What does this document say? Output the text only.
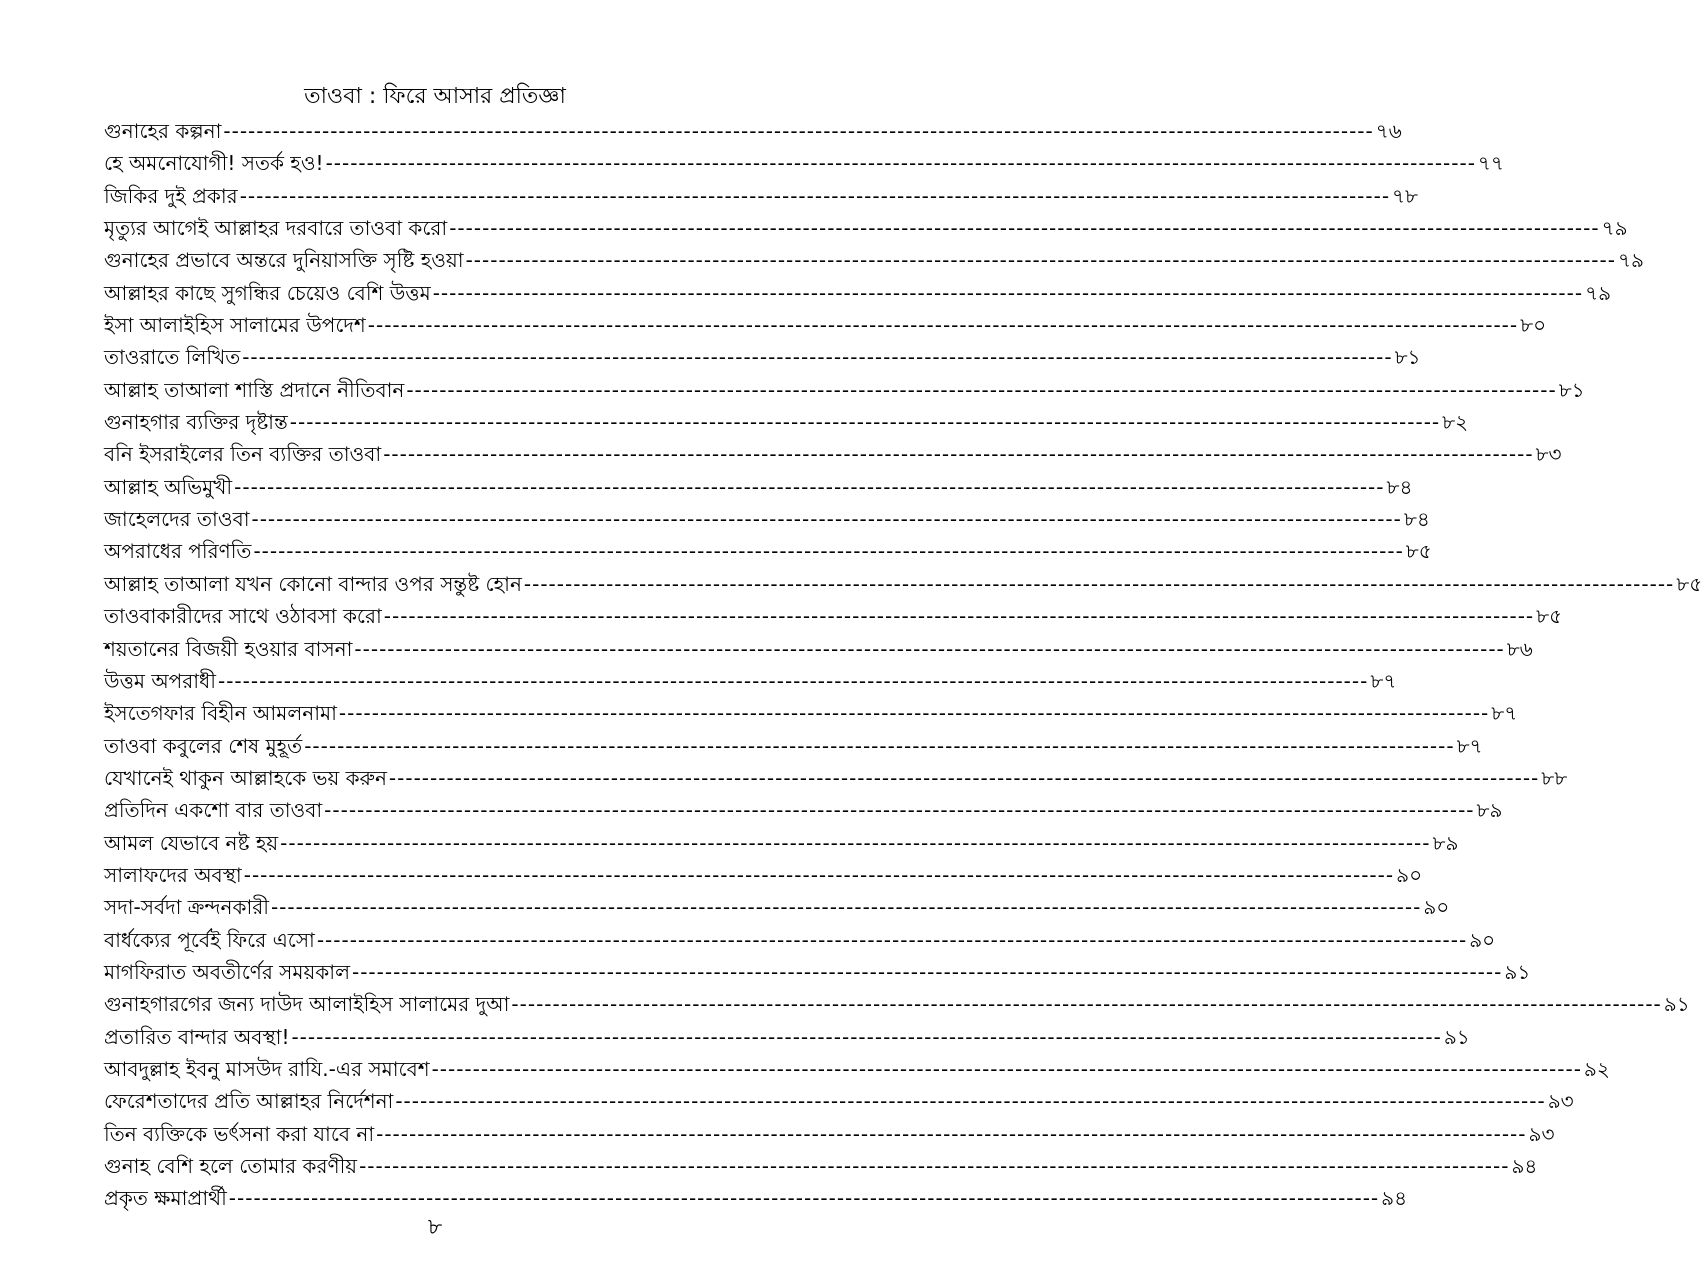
তাওবা : ফিরে আসার প্রতিজ্ঞা
গুনাহের কল্পনা -----	৭৬
হে অমনোযোগী! সতর্ক হও! -----	৭৭
জিকির দুই প্রকার -----	৭৮
মৃত্যুর আগেই আল্লাহর দরবারে তাওবা করো -----	৭৯
গুনাহের প্রভাবে অন্তরে দুনিয়াসক্তি সৃষ্টি হওয়া -----	৭৯
আল্লাহর কাছে সুগন্ধির চেয়েও বেশি উত্তম -----	৭৯
ইসা আলাইহিস সালামের উপদেশ -----	৮০
তাওরাতে লিখিত -----	৮১
আল্লাহ তাআলা শাস্তি প্রদানে নীতিবান -----	৮১
গুনাহগার ব্যক্তির দৃষ্টান্ত -----	৮২
বনি ইসরাইলের তিন ব্যক্তির তাওবা -----	৮৩
আল্লাহ অভিমুখী -----	৮৪
জাহেলদের তাওবা -----	৮৪
অপরাধের পরিণতি -----	৮৫
আল্লাহ তাআলা যখন কোনো বান্দার ওপর সন্তুষ্ট হোন -----	৮৫
তাওবাকারীদের সাথে ওঠাবসা করো -----	৮৫
শয়তানের বিজয়ী হওয়ার বাসনা -----	৮৬
উত্তম অপরাধী -----	৮৭
ইসতেগফার বিহীন আমলনামা -----	৮৭
তাওবা কবুলের শেষ মুহূর্ত -----	৮৭
যেখানেই থাকুন আল্লাহকে ভয় করুন -----	৮৮
প্রতিদিন একশো বার তাওবা -----	৮৯
আমল যেভাবে নষ্ট হয় -----	৮৯
সালাফদের অবস্থা -----	৯০
সদা-সর্বদা ক্রন্দনকারী -----	৯০
বার্ধক্যের পূর্বেই ফিরে এসো -----	৯০
মাগফিরাত অবতীর্ণের সময়কাল -----	৯১
গুনাহগারগের জন্য দাউদ আলাইহিস সালামের দুআ -----	৯১
প্রতারিত বান্দার অবস্থা! -----	৯১
আবদুল্লাহ ইবনু মাসউদ রাযি.-এর সমাবেশ -----	৯২
ফেরেশতাদের প্রতি আল্লাহর নির্দেশনা -----	৯৩
তিন ব্যক্তিকে ভর্ৎসনা করা যাবে না -----	৯৩
গুনাহ বেশি হলে তোমার করণীয় -----	৯৪
প্রকৃত ক্ষমাপ্রার্থী -----	৯৪
৮
